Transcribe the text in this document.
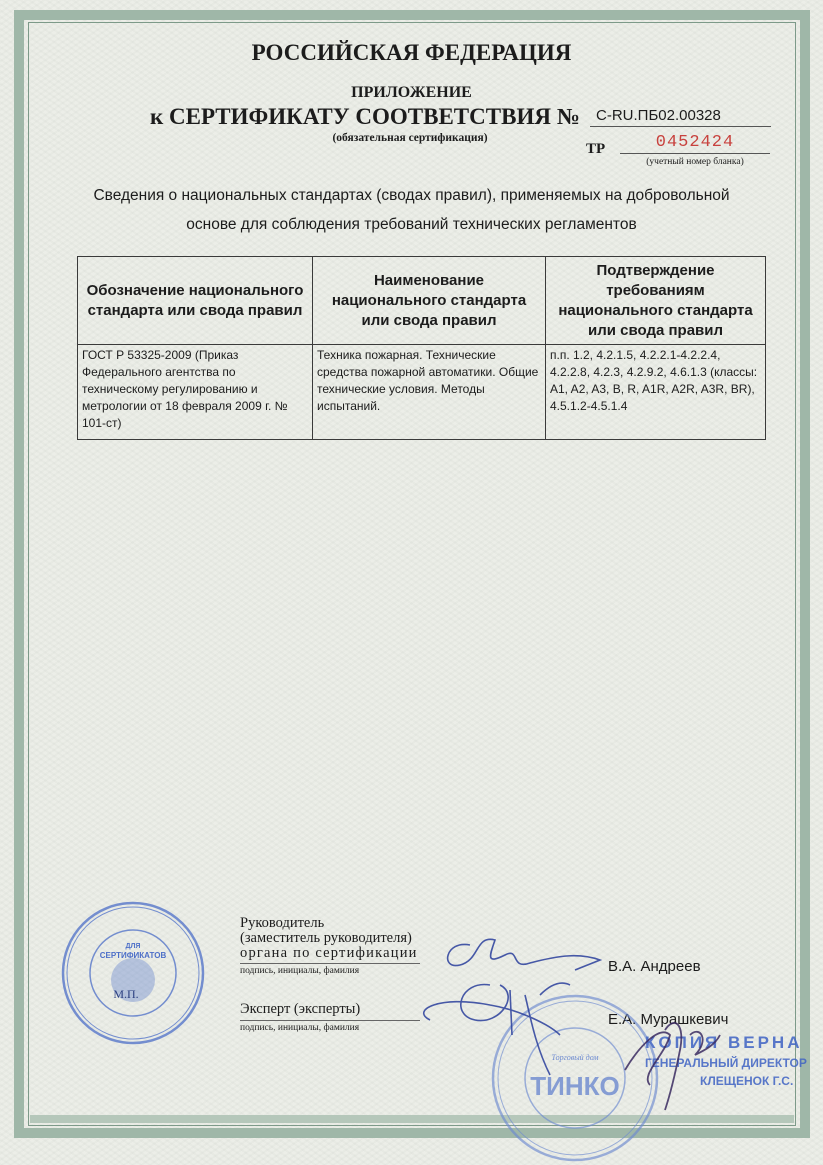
РОССИЙСКАЯ ФЕДЕРАЦИЯ
ПРИЛОЖЕНИЕ
к СЕРТИФИКАТУ СООТВЕТСТВИЯ №	C-RU.ПБ02.00328
(обязательная сертификация)
ТР	0452424
(учетный номер бланка)
Сведения о национальных стандартах (сводах правил), применяемых на добровольной
основе для соблюдения требований технических регламентов
Обозначение национального стандарта или свода правил	Наименование национального стандарта или свода правил	Подтверждение требованиям национального стандарта или свода правил
ГОСТ Р 53325-2009 (Приказ Федерального агентства по техническому регулированию и метрологии от 18 февраля 2009 г. № 101-ст)	Техника пожарная. Технические средства пожарной автоматики. Общие технические условия. Методы испытаний.	п.п. 1.2, 4.2.1.5, 4.2.2.1-4.2.2.4, 4.2.2.8, 4.2.3, 4.2.9.2, 4.6.1.3 (классы: A1, A2, A3, B, R, A1R, A2R, A3R, BR), 4.5.1.2-4.5.1.4
Руководитель
(заместитель руководителя)
органа по сертификации
подпись, инициалы, фамилия
Эксперт (эксперты)
подпись, инициалы, фамилия
В.А. Андреев
Е.А. Мурашкевич
ДЛЯ
СЕРТИФИКАТОВ
М.П.
Торговый дом
ТИНКО
КОПИЯ ВЕРНА
ГЕНЕРАЛЬНЫЙ ДИРЕКТОР
КЛЕЩЕНОК Г.С.
